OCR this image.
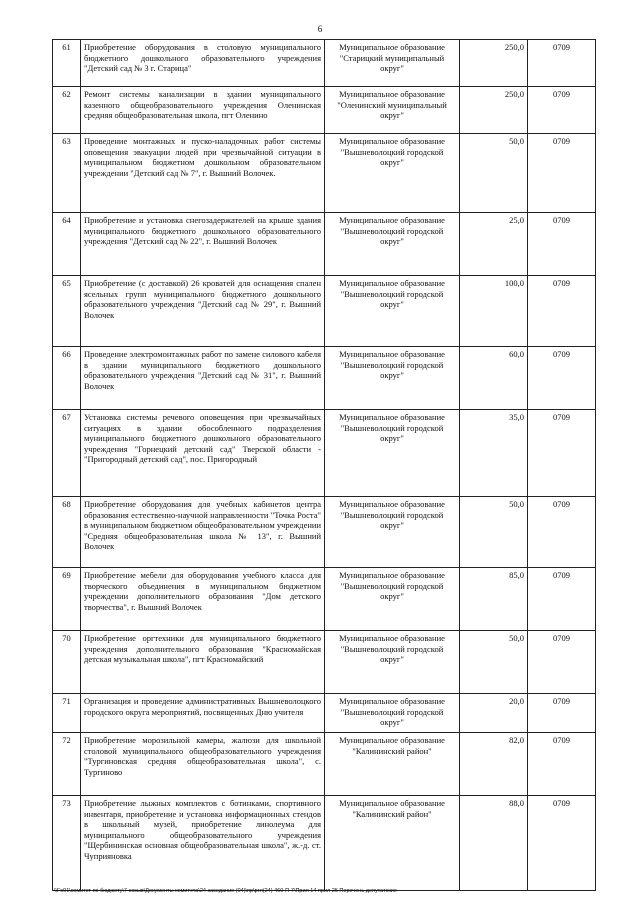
6
61	Приобретение оборудования в столовую муниципального бюджетного дошкольного образовательного учреждения "Детский сад № 3 г. Старица"	Муниципальное образование "Старицкий муниципальный округ"	250,0	0709
62	Ремонт системы канализации в здании муниципального казенного общеобразовательного учреждения Оленинская средняя общеобразовательная школа, пгт Оленино	Муниципальное образование "Оленинский муниципальный округ"	250,0	0709
63	Проведение монтажных и пуско-наладочных работ системы оповещения эвакуации людей при чрезвычайной ситуации в муниципальном бюджетном дошкольном образовательном учреждении "Детский сад № 7", г. Вышний Волочек.	Муниципальное образование "Вышневолоцкий городской округ"	50,0	0709
64	Приобретение и установка снегозадержателей на крыше здания муниципального бюджетного дошкольного образовательного учреждения "Детский сад № 22", г. Вышний Волочек	Муниципальное образование "Вышневолоцкий городской округ"	25,0	0709
65	Приобретение (с доставкой) 26 кроватей для оснащения спален ясельных групп муниципального бюджетного дошкольного образовательного учреждения "Детский сад № 29", г. Вышний Волочек	Муниципальное образование "Вышневолоцкий городской округ"	100,0	0709
66	Проведение электромонтажных работ по замене силового кабеля в здании муниципального бюджетного дошкольного образовательного учреждения "Детский сад № 31", г. Вышний Волочек	Муниципальное образование "Вышневолоцкий городской округ"	60,0	0709
67	Установка системы речевого оповещения при чрезвычайных ситуациях в здании обособленного подразделения муниципального бюджетного дошкольного образовательного учреждения "Горнецкий детский сад" Тверской области - "Пригородный детский сад", пос. Пригородный	Муниципальное образование "Вышневолоцкий городской округ"	35,0	0709
68	Приобретение оборудования для учебных кабинетов центра образования естественно-научной направленности "Точка Роста" в муниципальном бюджетном общеобразовательном учреждении "Средняя общеобразовательная школа № 13", г. Вышний Волочек	Муниципальное образование "Вышневолоцкий городской округ"	50,0	0709
69	Приобретение мебели для оборудования учебного класса для творческого объединения в муниципальном бюджетном учреждении дополнительного образования "Дом детского творчества", г. Вышний Волочек	Муниципальное образование "Вышневолоцкий городской округ"	85,0	0709
70	Приобретение оргтехники для муниципального бюджетного учреждения дополнительного образования "Красномайская детская музыкальная школа", пгт Красномайский	Муниципальное образование "Вышневолоцкий городской округ"	50,0	0709
71	Организация и проведение административных Вышневолоцкого городского округа мероприятий, посвященных Дню учителя	Муниципальное образование "Вышневолоцкий городской округ"	20,0	0709
72	Приобретение морозильной камеры, жалюзи для школьной столовой муниципального общеобразовательного учреждения "Тургиновская средняя общеобразовательная школа", с. Тургиново	Муниципальное образование "Калининский район"	82,0	0709
73	Приобретение лыжных комплектов с ботинками, спортивного инвентаря, приобретение и установка информационных стендов в школьный музей, приобретение линолеума для муниципального общеобразовательного учреждения "Щербининская основная общеобразовательная школа", ж.-д. ст. Чуприяновка	Муниципальное образование "Калининский район"	88,0	0709
\\Fs01\комитет по бюджету\7 созыв\Документы комитета\24 заседание (04)\пр\ргл(24) 460-П-7\Прил 14 прил 25 Перечень депутатские
